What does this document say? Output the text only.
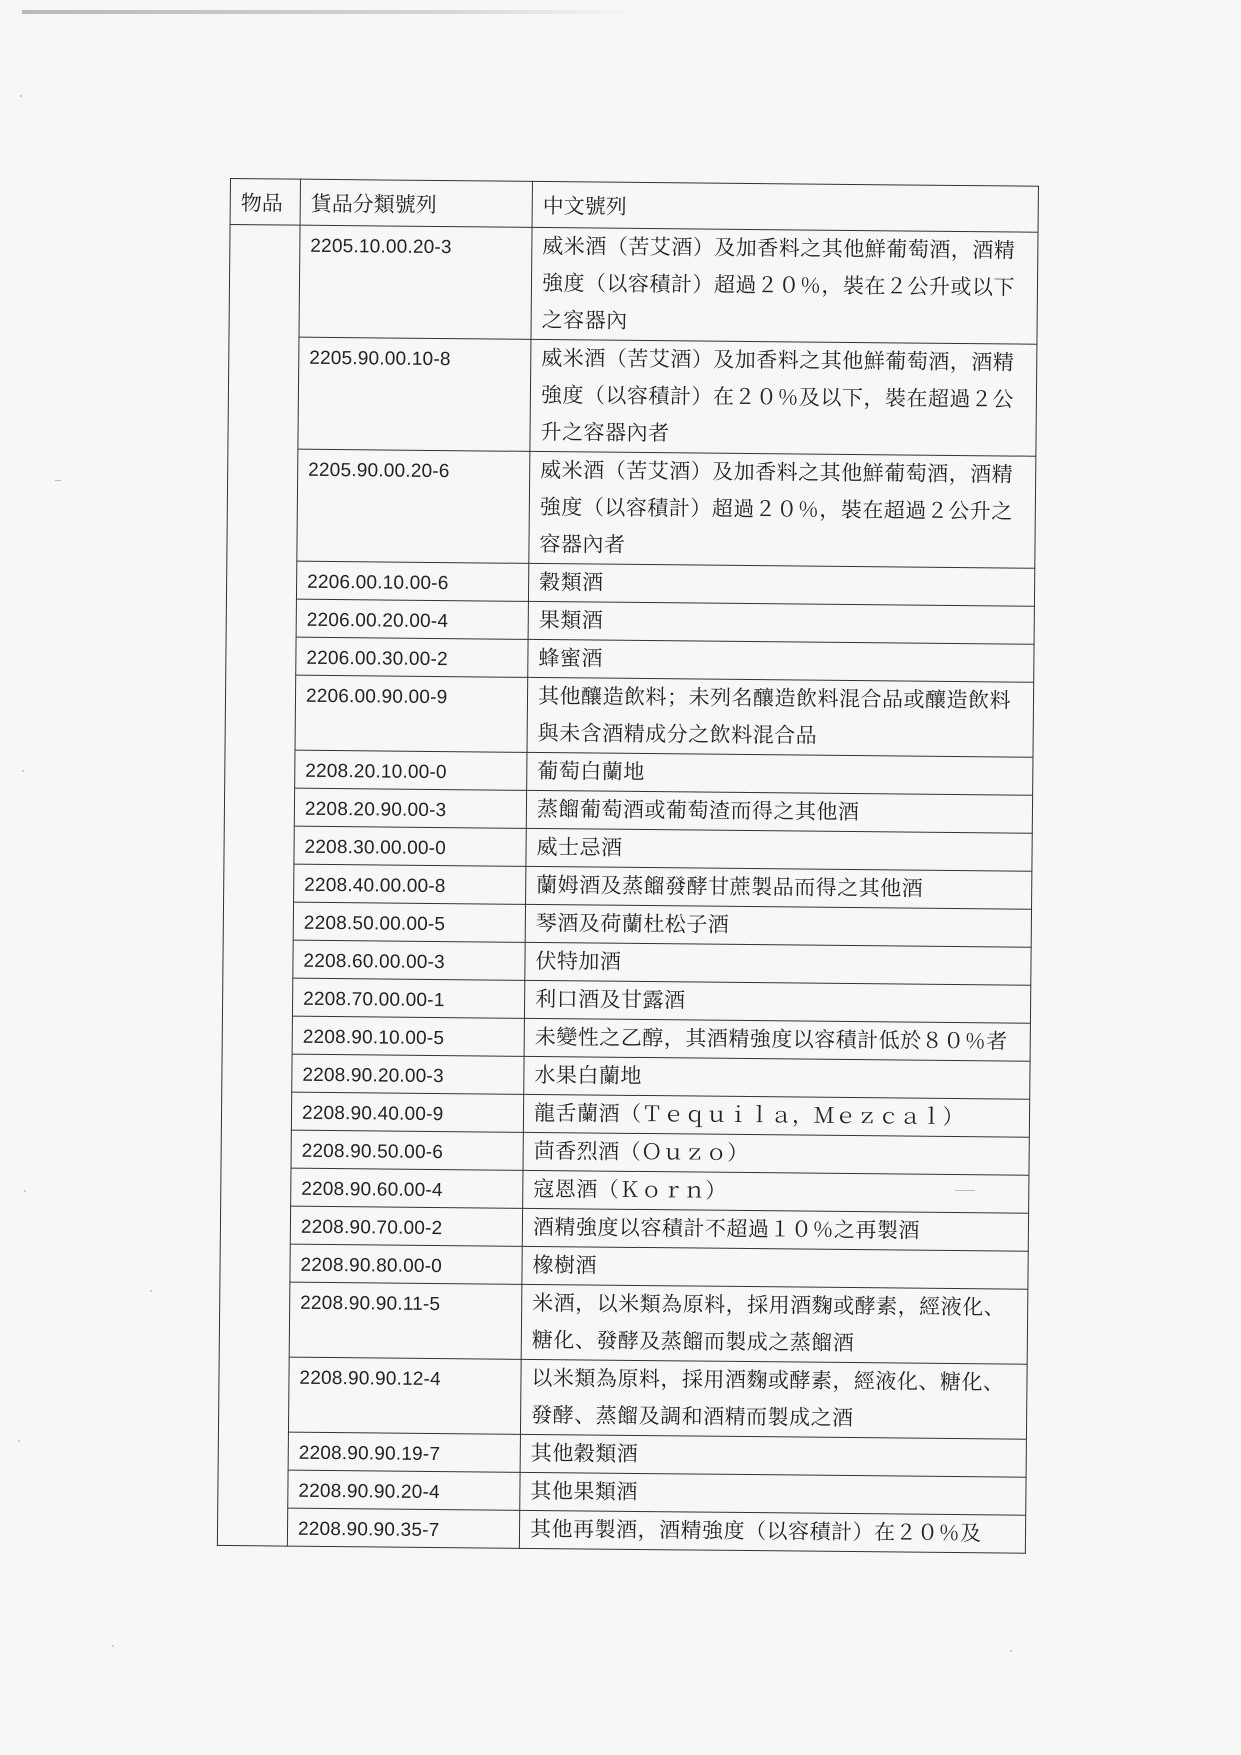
物品	貨品分類號列	中文號列
	2205.10.00.20-3	威米酒（苦艾酒）及加香料之其他鮮葡萄酒，酒精強度（以容積計）超過２０％，裝在２公升或以下之容器內
	2205.90.00.10-8	威米酒（苦艾酒）及加香料之其他鮮葡萄酒，酒精強度（以容積計）在２０％及以下，裝在超過２公升之容器內者
	2205.90.00.20-6	威米酒（苦艾酒）及加香料之其他鮮葡萄酒，酒精強度（以容積計）超過２０％，裝在超過２公升之容器內者
	2206.00.10.00-6	穀類酒
	2206.00.20.00-4	果類酒
	2206.00.30.00-2	蜂蜜酒
	2206.00.90.00-9	其他釀造飲料；未列名釀造飲料混合品或釀造飲料與未含酒精成分之飲料混合品
	2208.20.10.00-0	葡萄白蘭地
	2208.20.90.00-3	蒸餾葡萄酒或葡萄渣而得之其他酒
	2208.30.00.00-0	威士忌酒
	2208.40.00.00-8	蘭姆酒及蒸餾發酵甘蔗製品而得之其他酒
	2208.50.00.00-5	琴酒及荷蘭杜松子酒
	2208.60.00.00-3	伏特加酒
	2208.70.00.00-1	利口酒及甘露酒
	2208.90.10.00-5	未變性之乙醇，其酒精強度以容積計低於８０％者
	2208.90.20.00-3	水果白蘭地
	2208.90.40.00-9	龍舌蘭酒（Ｔｅｑｕｉｌａ，Ｍｅｚｃａｌ）
	2208.90.50.00-6	茴香烈酒（Ｏｕｚｏ）
	2208.90.60.00-4	寇恩酒（Ｋｏｒｎ）
	2208.90.70.00-2	酒精強度以容積計不超過１０％之再製酒
	2208.90.80.00-0	橡樹酒
	2208.90.90.11-5	米酒，以米類為原料，採用酒麴或酵素，經液化、糖化、發酵及蒸餾而製成之蒸餾酒
	2208.90.90.12-4	以米類為原料，採用酒麴或酵素，經液化、糖化、發酵、蒸餾及調和酒精而製成之酒
	2208.90.90.19-7	其他穀類酒
	2208.90.90.20-4	其他果類酒
	2208.90.90.35-7	其他再製酒，酒精強度（以容積計）在２０％及
